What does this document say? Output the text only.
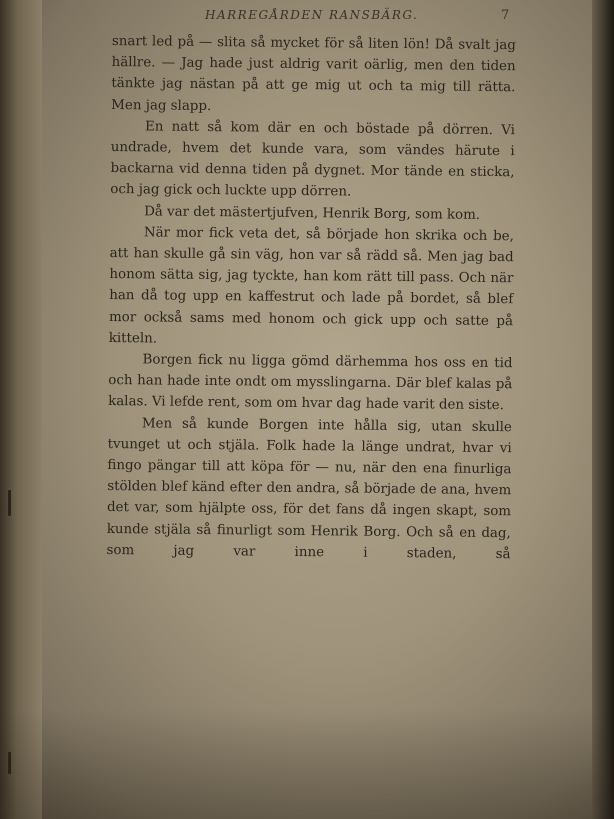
HARREGÅRDEN RANSBÄRG.	7

snart led på — slita så mycket för så liten lön! Då svalt jag hällre. — Jag hade just aldrig varit oärlig, men den tiden tänkte jag nästan på att ge mig ut och ta mig till rätta. Men jag slapp.

En natt så kom där en och böstade på dörren. Vi undrade, hvem det kunde vara, som vändes härute i backarna vid denna tiden på dygnet. Mor tände en sticka, och jag gick och luckte upp dörren.

Då var det mästertjufven, Henrik Borg, som kom.

När mor fick veta det, så började hon skrika och be, att han skulle gå sin väg, hon var så rädd så. Men jag bad honom sätta sig, jag tyckte, han kom rätt till pass. Och när han då tog upp en kaffestrut och lade på bordet, så blef mor också sams med honom och gick upp och satte på kitteln.

Borgen fick nu ligga gömd därhemma hos oss en tid och han hade inte ondt om mysslingarna. Där blef kalas på kalas. Vi lefde rent, som om hvar dag hade varit den siste.

Men så kunde Borgen inte hålla sig, utan skulle tvunget ut och stjäla. Folk hade la länge undrat, hvar vi fingo pängar till att köpa för — nu, när den ena finurliga stölden blef känd efter den andra, så började de ana, hvem det var, som hjälpte oss, för det fans då ingen skapt, som kunde stjäla så finurligt som Henrik Borg. Och så en dag, som jag var inne i staden, så
